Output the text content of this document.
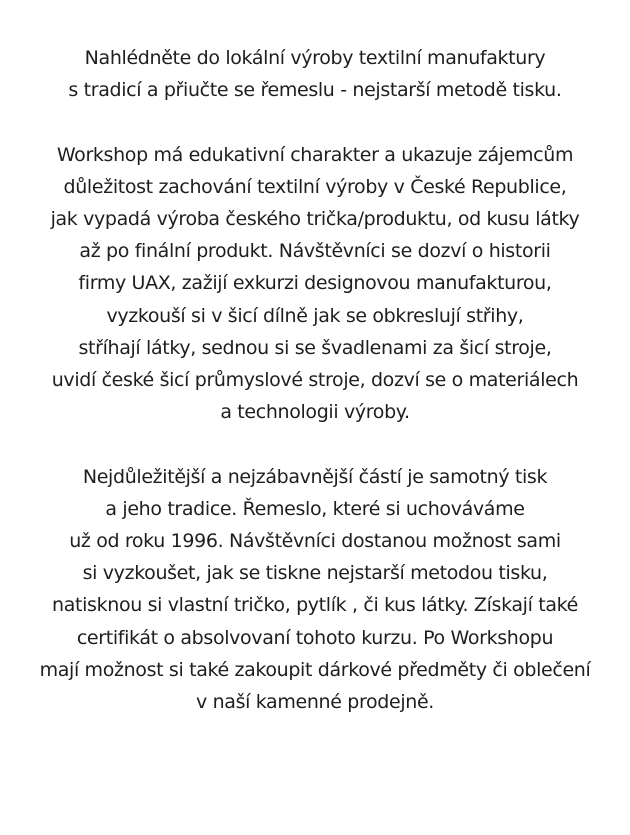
Nahlédněte do lokální výroby textilní manufaktury
s tradicí a přiučte se řemeslu - nejstarší metodě tisku.

Workshop má edukativní charakter a ukazuje zájemcům
důležitost zachování textilní výroby v České Republice,
jak vypadá výroba českého trička/produktu, od kusu látky
až po finální produkt. Návštěvníci se dozví o historii
firmy UAX, zažijí exkurzi designovou manufakturou,
vyzkouší si v šicí dílně jak se obkreslují střihy,
stříhají látky, sednou si se švadlenami za šicí stroje,
uvidí české šicí průmyslové stroje, dozví se o materiálech
a technologii výroby.

Nejdůležitější a nejzábavnější částí je samotný tisk
a jeho tradice. Řemeslo, které si uchováváme
už od roku 1996. Návštěvníci dostanou možnost sami
si vyzkoušet, jak se tiskne nejstarší metodou tisku,
natisknou si vlastní tričko, pytlík , či kus látky. Získají také
certifikát o absolvovaní tohoto kurzu. Po Workshopu
mají možnost si také zakoupit dárkové předměty či oblečení
v naší kamenné prodejně.
